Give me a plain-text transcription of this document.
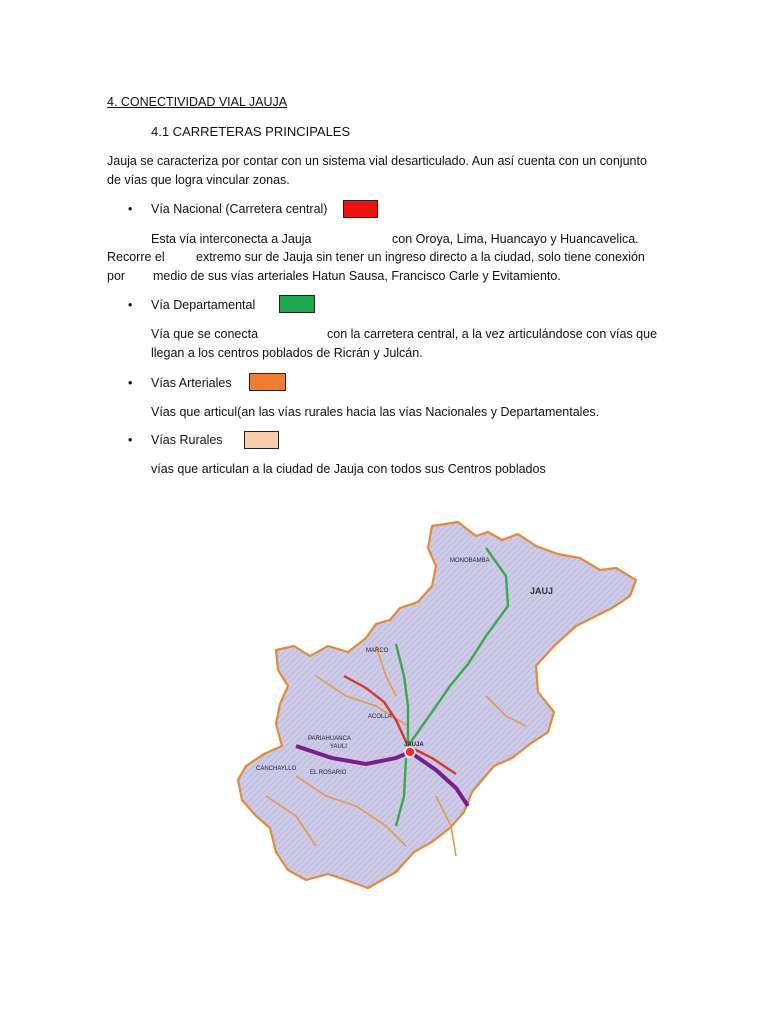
4. CONECTIVIDAD VIAL JAUJA
4.1 CARRETERAS PRINCIPALES
Jauja se caracteriza por contar con un sistema vial desarticulado. Aun así cuenta con un conjunto
de vías que logra vincular zonas.
• Vía Nacional (Carretera central)
Esta vía interconecta a Jauja	con Oroya, Lima, Huancayo y Huancavelica.
Recorre el	extremo sur de Jauja sin tener un ingreso directo a la ciudad, solo tiene conexión
por medio de sus vías arteriales Hatun Sausa, Francisco Carle y Evitamiento.
• Vía Departamental
Vía que se conecta	con la carretera central, a la vez articulándose con vías que
llegan a los centros poblados de Ricrán y Julcán.
• Vías Arteriales
Vías que articul(an las vías rurales hacia las vías Nacionales y Departamentales.
• Vías Rurales
vías que articulan a la ciudad de Jauja con todos sus Centros poblados
JAUJ
MONOBAMBA
JAUJA
MARCO
CANCHAYLLO
EL ROSARIO
PARIAHUANCA
YAULI
ACOLLA
